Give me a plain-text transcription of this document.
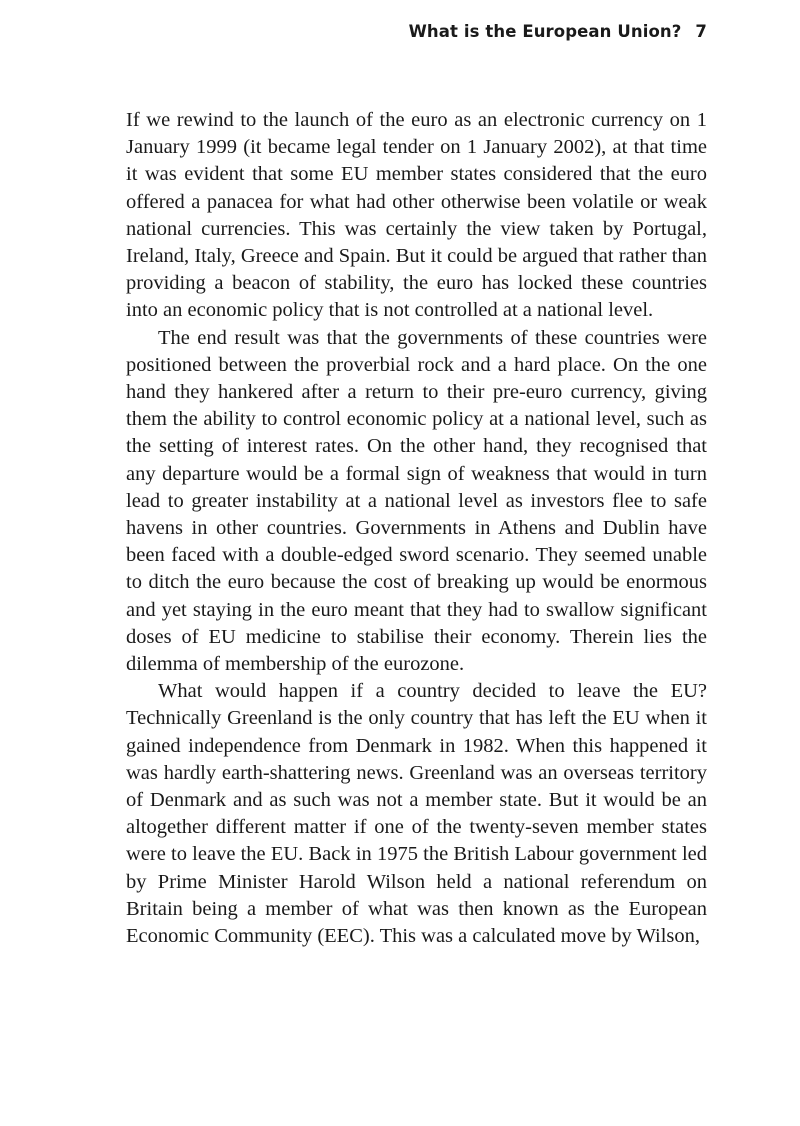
What is the European Union? 7

If we rewind to the launch of the euro as an electronic currency on 1 January 1999 (it became legal tender on 1 January 2002), at that time it was evident that some EU member states considered that the euro offered a panacea for what had other otherwise been volatile or weak national currencies. This was certainly the view taken by Portugal, Ireland, Italy, Greece and Spain. But it could be argued that rather than providing a beacon of stability, the euro has locked these countries into an economic policy that is not controlled at a national level.

The end result was that the governments of these countries were positioned between the proverbial rock and a hard place. On the one hand they hankered after a return to their pre-euro currency, giving them the ability to control economic policy at a national level, such as the setting of interest rates. On the other hand, they recognised that any departure would be a formal sign of weakness that would in turn lead to greater instability at a national level as investors flee to safe havens in other countries. Governments in Athens and Dublin have been faced with a double-edged sword scenario. They seemed unable to ditch the euro because the cost of breaking up would be enormous and yet staying in the euro meant that they had to swallow significant doses of EU medicine to stabilise their economy. Therein lies the dilemma of membership of the eurozone.

What would happen if a country decided to leave the EU? Technically Greenland is the only country that has left the EU when it gained independence from Denmark in 1982. When this happened it was hardly earth-shattering news. Greenland was an overseas territory of Denmark and as such was not a member state. But it would be an altogether different matter if one of the twenty-seven member states were to leave the EU. Back in 1975 the British Labour government led by Prime Minister Harold Wilson held a national referendum on Britain being a member of what was then known as the European Economic Community (EEC). This was a calculated move by Wilson,
